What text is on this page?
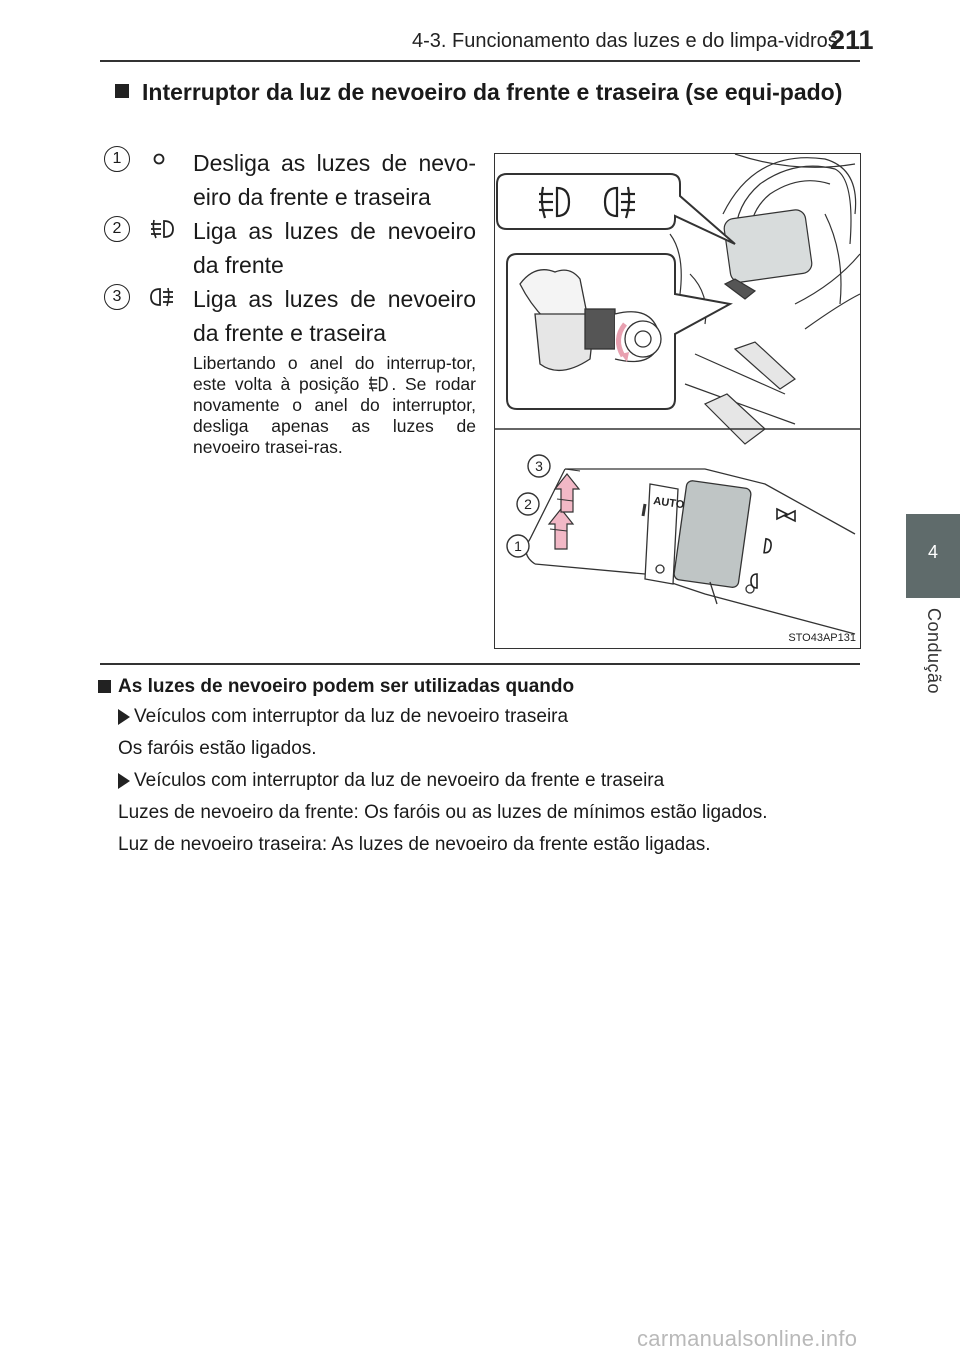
4-3. Funcionamento das luzes e do limpa-vidros
211
4
Condução
Interruptor da luz de nevoeiro da frente e traseira (se equi-pado)
1	Desliga as luzes de nevo-eiro da frente e traseira
2	Liga as luzes de nevoeiro da frente
3	Liga as luzes de nevoeiro da frente e traseira
Libertando o anel do interrup-tor, este volta à posição . Se rodar novamente o anel do interruptor, desliga apenas as luzes de nevoeiro trasei-ras.
AUTO
3
2
1
STO43AP131
As luzes de nevoeiro podem ser utilizadas quando
Veículos com interruptor da luz de nevoeiro traseira
Os faróis estão ligados.
Veículos com interruptor da luz de nevoeiro da frente e traseira
Luzes de nevoeiro da frente: Os faróis ou as luzes de mínimos estão ligados.
Luz de nevoeiro traseira: As luzes de nevoeiro da frente estão ligadas.
carmanualsonline.info
